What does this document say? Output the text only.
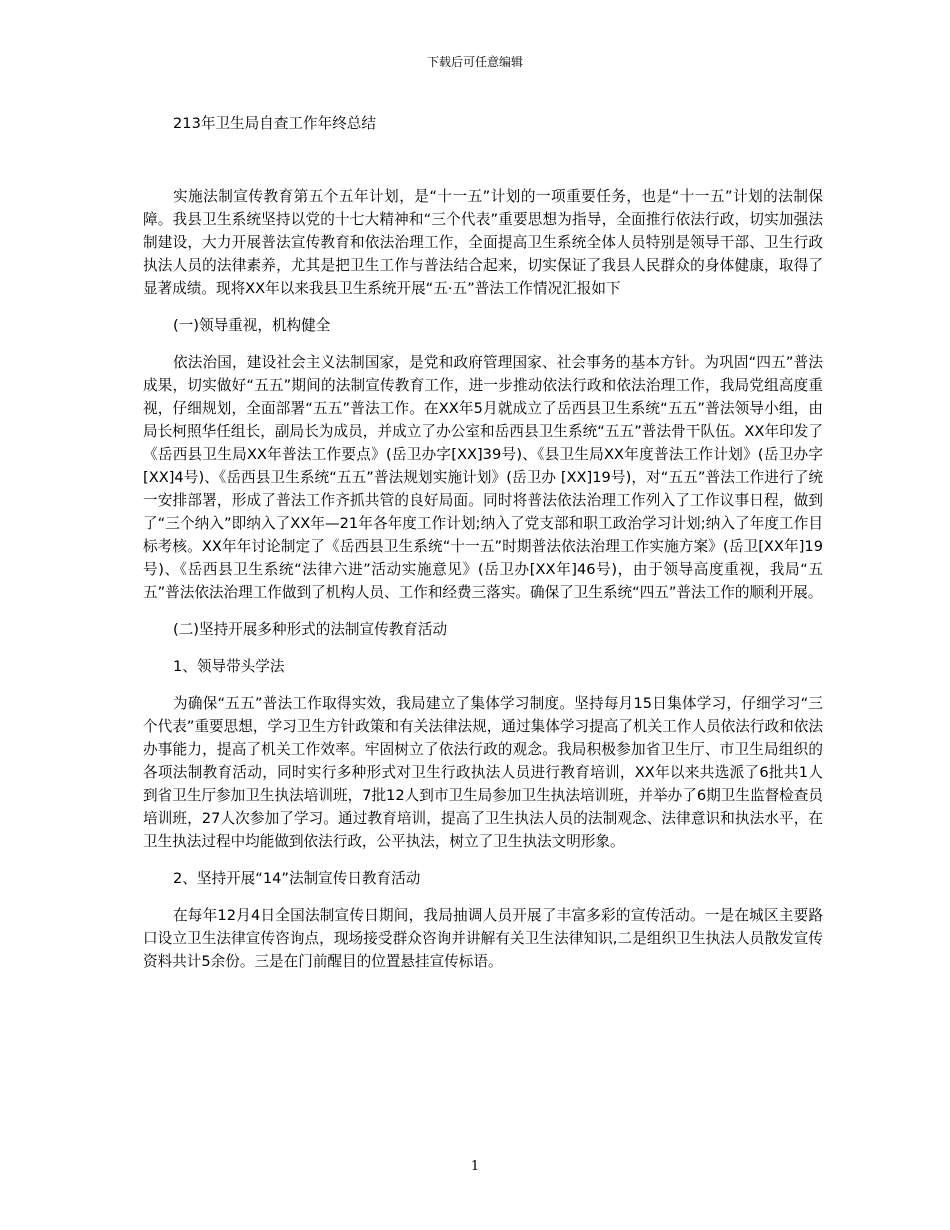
下载后可任意编辑

213年卫生局自查工作年终总结

实施法制宣传教育第五个五年计划，是“十一五”计划的一项重要任务，也是“十一五”计划的法制保障。我县卫生系统坚持以党的十七大精神和“三个代表”重要思想为指导，全面推行依法行政，切实加强法制建设，大力开展普法宣传教育和依法治理工作，全面提高卫生系统全体人员特别是领导干部、卫生行政执法人员的法律素养，尤其是把卫生工作与普法结合起来，切实保证了我县人民群众的身体健康，取得了显著成绩。现将XX年以来我县卫生系统开展“五·五”普法工作情况汇报如下

(一)领导重视，机构健全

依法治国，建设社会主义法制国家，是党和政府管理国家、社会事务的基本方针。为巩固“四五”普法成果，切实做好“五五”期间的法制宣传教育工作，进一步推动依法行政和依法治理工作，我局党组高度重视，仔细规划，全面部署“五五”普法工作。在XX年5月就成立了岳西县卫生系统“五五”普法领导小组，由局长柯照华任组长，副局长为成员，并成立了办公室和岳西县卫生系统“五五”普法骨干队伍。XX年印发了《岳西县卫生局XX年普法工作要点》(岳卫办字[XX]39号)、《县卫生局XX年度普法工作计划》(岳卫办字[XX]4号)、《岳西县卫生系统“五五”普法规划实施计划》(岳卫办 [XX]19号)，对“五五”普法工作进行了统一安排部署，形成了普法工作齐抓共管的良好局面。同时将普法依法治理工作列入了工作议事日程，做到了“三个纳入”即纳入了XX年—21年各年度工作计划;纳入了党支部和职工政治学习计划;纳入了年度工作目标考核。XX年年讨论制定了《岳西县卫生系统“十一五”时期普法依法治理工作实施方案》(岳卫[XX年]19号)、《岳西县卫生系统“法律六进”活动实施意见》(岳卫办[XX年]46号)，由于领导高度重视，我局“五五”普法依法治理工作做到了机构人员、工作和经费三落实。确保了卫生系统“四五”普法工作的顺利开展。

(二)坚持开展多种形式的法制宣传教育活动

1、领导带头学法

为确保“五五”普法工作取得实效，我局建立了集体学习制度。坚持每月15日集体学习，仔细学习“三个代表”重要思想，学习卫生方针政策和有关法律法规，通过集体学习提高了机关工作人员依法行政和依法办事能力，提高了机关工作效率。牢固树立了依法行政的观念。我局积极参加省卫生厅、市卫生局组织的各项法制教育活动，同时实行多种形式对卫生行政执法人员进行教育培训，XX年以来共选派了6批共1人到省卫生厅参加卫生执法培训班，7批12人到市卫生局参加卫生执法培训班，并举办了6期卫生监督检查员培训班，27人次参加了学习。通过教育培训，提高了卫生执法人员的法制观念、法律意识和执法水平，在卫生执法过程中均能做到依法行政，公平执法，树立了卫生执法文明形象。

2、坚持开展“14”法制宣传日教育活动

在每年12月4日全国法制宣传日期间，我局抽调人员开展了丰富多彩的宣传活动。一是在城区主要路口设立卫生法律宣传咨询点，现场接受群众咨询并讲解有关卫生法律知识,二是组织卫生执法人员散发宣传资料共计5余份。三是在门前醒目的位置悬挂宣传标语。

1
